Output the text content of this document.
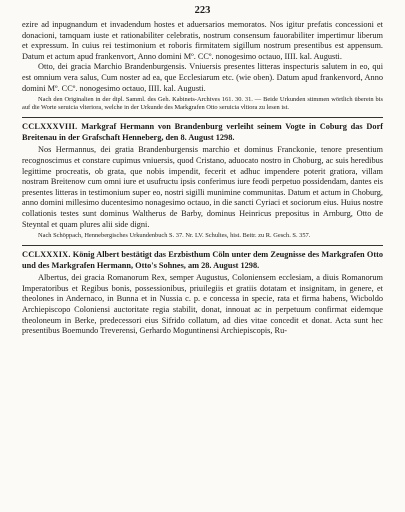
223

ezire ad inpugnandum et invadendum hostes et aduersarios memoratos. Nos igitur prefatis concessioni et donacioni, tamquam iuste et rationabiliter celebratis, nostrum consensum fauorabiliter impertimur liberum et expressum. In cuius rei testimonium et roboris firmitatem sigillum nostrum presentibus est appensum. Datum et actum apud frankenvort, Anno domini Mº. CCº. nonogesimo octauo, IIII. kal. Augusti.

Otto, dei gracia Marchio Brandenburgensis. Vniuersis presentes litteras inspecturis salutem in eo, qui est omnium vera salus, Cum noster ad ea, que Ecclesiarum etc. (wie oben). Datum apud frankenvord, Anno domini Mº. CCº. nonogesimo octauo, IIII. kal. Augusti.

Nach den Originalien in der dipl. Samml. des Geh. Kabinets-Archives 161. 30. 31. — Beide Urkunden stimmen wörtlich überein bis auf die Worte seruicia vlteriora, welche in der Urkunde des Markgrafen Otto seruicia vltiora zu lesen ist.

CCLXXXVIII. Markgraf Hermann von Brandenburg verleiht seinem Vogte in Coburg das Dorf Breitenau in der Grafschaft Henneberg, den 8. August 1298.

Nos Hermannus, dei gratia Brandenburgensis marchio et dominus Franckonie, tenore presentium recognoscimus et constare cupimus vniuersis, quod Cristano, aduocato nostro in Choburg, ac suis heredibus legittime procreatis, ob grata, que nobis impendit, fecerit et adhuc impendere poterit gratiora, villam nostram Breitenow cum omni iure et usufructu ipsis conferimus iure feodi perpetuo possidendam, dantes eis presentes litteras in testimonium super eo, nostri sigilli munimine communitas. Datum et actum in Choburg, anno domini millesimo ducentesimo nonagesimo octauo, in die sancti Cyriaci et sociorum eius. Huius nostre collationis testes sunt dominus Waltherus de Barby, dominus Heinricus prepositus in Arnburg, Otto de Steyntal et quam plures alii side digni.

Nach Schöppach, Hennebergisches Urkundenbuch S. 37. Nr. LV. Schultes, hist. Beitr. zu R. Gesch. S. 357.

CCLXXXIX. König Albert bestätigt das Erzbisthum Cöln unter dem Zeugnisse des Markgrafen Otto und des Markgrafen Hermann, Otto's Sohnes, am 28. August 1298.

Albertus, dei gracia Romanorum Rex, semper Augustus, Coloniensem ecclesiam, a diuis Romanorum Imperatoribus et Regibus bonis, possessionibus, priuilegiis et gratiis dotatam et insignitam, in genere, et theolones in Andernaco, in Bunna et in Nussia c. p. e concessa in specie, rata et firma habens, Wicboldo Archiepiscopo Coloniensi auctoritate regia stabilit, donat, innouat ac in perpetuum confirmat eidemque theoloneum in Berke, predecessori eius Sifrido collatum, ad dies vitae concedit et donat. Acta sunt hec presentibus Boemundo Treverensi, Gerhardo Moguntinensi Archiepiscopis, Ru-
